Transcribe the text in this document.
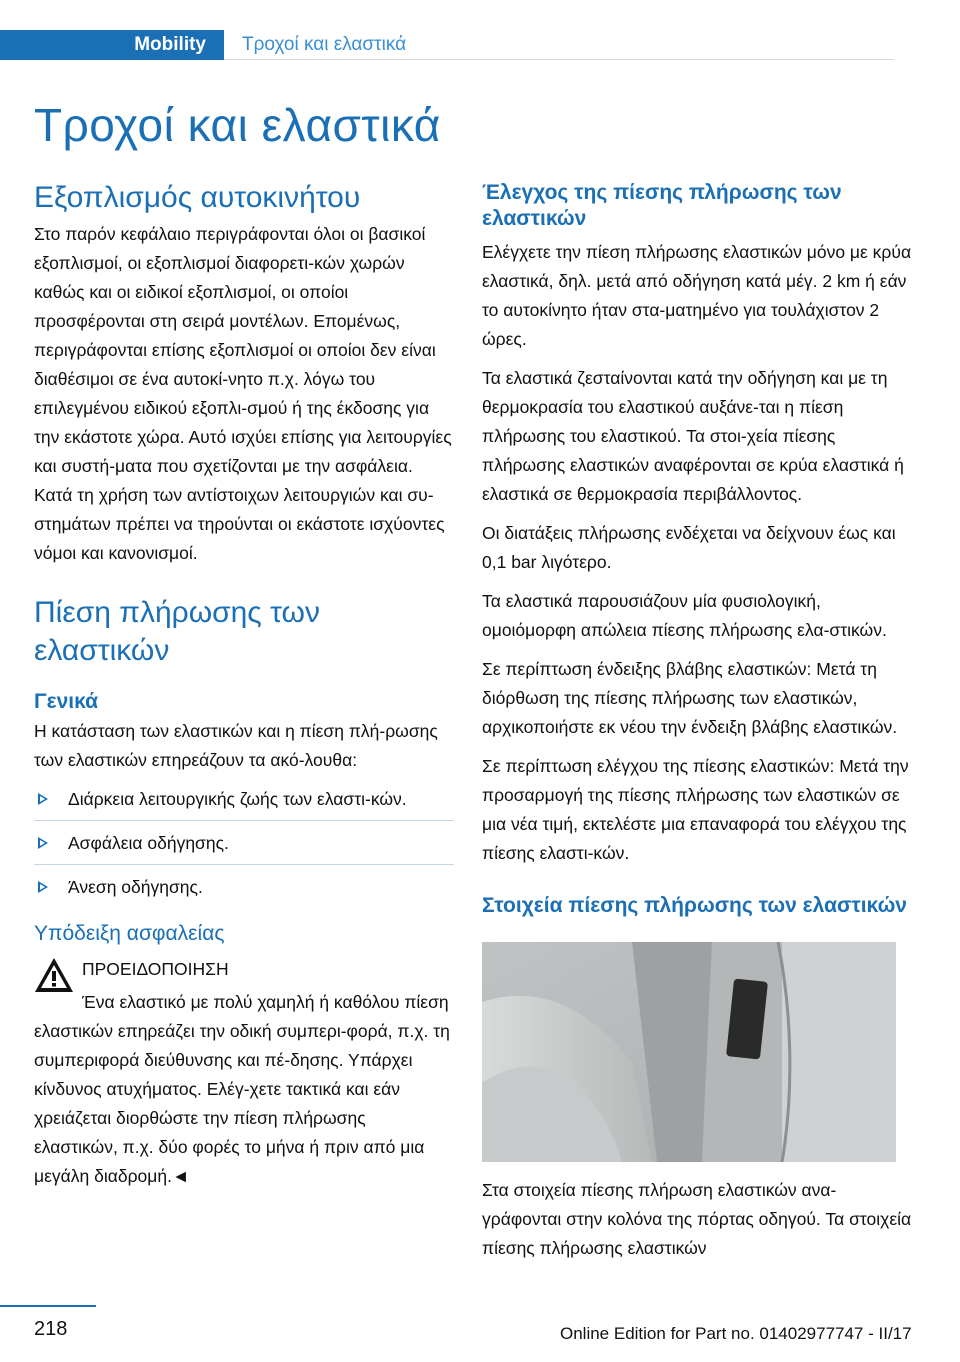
Mobility Τροχοί και ελαστικά
Τροχοί και ελαστικά
Εξοπλισμός αυτοκινήτου

Στο παρόν κεφάλαιο περιγράφονται όλοι οι βασικοί εξοπλισμοί, οι εξοπλισμοί διαφορετι‐κών χωρών καθώς και οι ειδικοί εξοπλισμοί, οι οποίοι προσφέρονται στη σειρά μοντέλων. Επομένως, περιγράφονται επίσης εξοπλισμοί οι οποίοι δεν είναι διαθέσιμοι σε ένα αυτοκί‐νητο π.χ. λόγω του επιλεγμένου ειδικού εξοπλι‐σμού ή της έκδοσης για την εκάστοτε χώρα. Αυτό ισχύει επίσης για λειτουργίες και συστή‐ματα που σχετίζονται με την ασφάλεια. Κατά τη χρήση των αντίστοιχων λειτουργιών και συ‐στημάτων πρέπει να τηρούνται οι εκάστοτε ισχύοντες νόμοι και κανονισμοί.

Πίεση πλήρωσης των ελαστικών
Γενικά

Η κατάσταση των ελαστικών και η πίεση πλή‐ρωσης των ελαστικών επηρεάζουν τα ακό‐λουθα:

Διάρκεια λειτουργικής ζωής των ελαστι‐κών.
Ασφάλεια οδήγησης.
Άνεση οδήγησης.
Υπόδειξη ασφαλείας

ΠΡΟΕΙΔΟΠΟΙΗΣΗ

Ένα ελαστικό με πολύ χαμηλή ή καθόλου πίεση ελαστικών επηρεάζει την οδική συμπερι‐φορά, π.χ. τη συμπεριφορά διεύθυνσης και πέ‐δησης. Υπάρχει κίνδυνος ατυχήματος. Ελέγ‐χετε τακτικά και εάν χρειάζεται διορθώστε την πίεση πλήρωσης ελαστικών, π.χ. δύο φορές το μήνα ή πριν από μια μεγάλη διαδρομή.◄

Έλεγχος της πίεσης πλήρωσης των ελαστικών

Ελέγχετε την πίεση πλήρωσης ελαστικών μόνο με κρύα ελαστικά, δηλ. μετά από οδήγηση κατά μέγ. 2 km ή εάν το αυτοκίνητο ήταν στα‐ματημένο για τουλάχιστον 2 ώρες.

Τα ελαστικά ζεσταίνονται κατά την οδήγηση και με τη θερμοκρασία του ελαστικού αυξάνε‐ται η πίεση πλήρωσης του ελαστικού. Τα στοι‐χεία πίεσης πλήρωσης ελαστικών αναφέρονται σε κρύα ελαστικά ή ελαστικά σε θερμοκρασία περιβάλλοντος.

Οι διατάξεις πλήρωσης ενδέχεται να δείχνουν έως και 0,1 bar λιγότερο.

Τα ελαστικά παρουσιάζουν μία φυσιολογική, ομοιόμορφη απώλεια πίεσης πλήρωσης ελα‐στικών.

Σε περίπτωση ένδειξης βλάβης ελαστικών: Μετά τη διόρθωση της πίεσης πλήρωσης των ελαστικών, αρχικοποιήστε εκ νέου την ένδειξη βλάβης ελαστικών.

Σε περίπτωση ελέγχου της πίεσης ελαστικών: Μετά την προσαρμογή της πίεσης πλήρωσης των ελαστικών σε μια νέα τιμή, εκτελέστε μια επαναφορά του ελέγχου της πίεσης ελαστι‐κών.

Στοιχεία πίεσης πλήρωσης των ελαστικών

Στα στοιχεία πίεσης πλήρωση ελαστικών ανα‐γράφονται στην κολόνα της πόρτας οδηγού. Τα στοιχεία πίεσης πλήρωσης ελαστικών

218	Online Edition for Part no. 01402977747 - II/17
